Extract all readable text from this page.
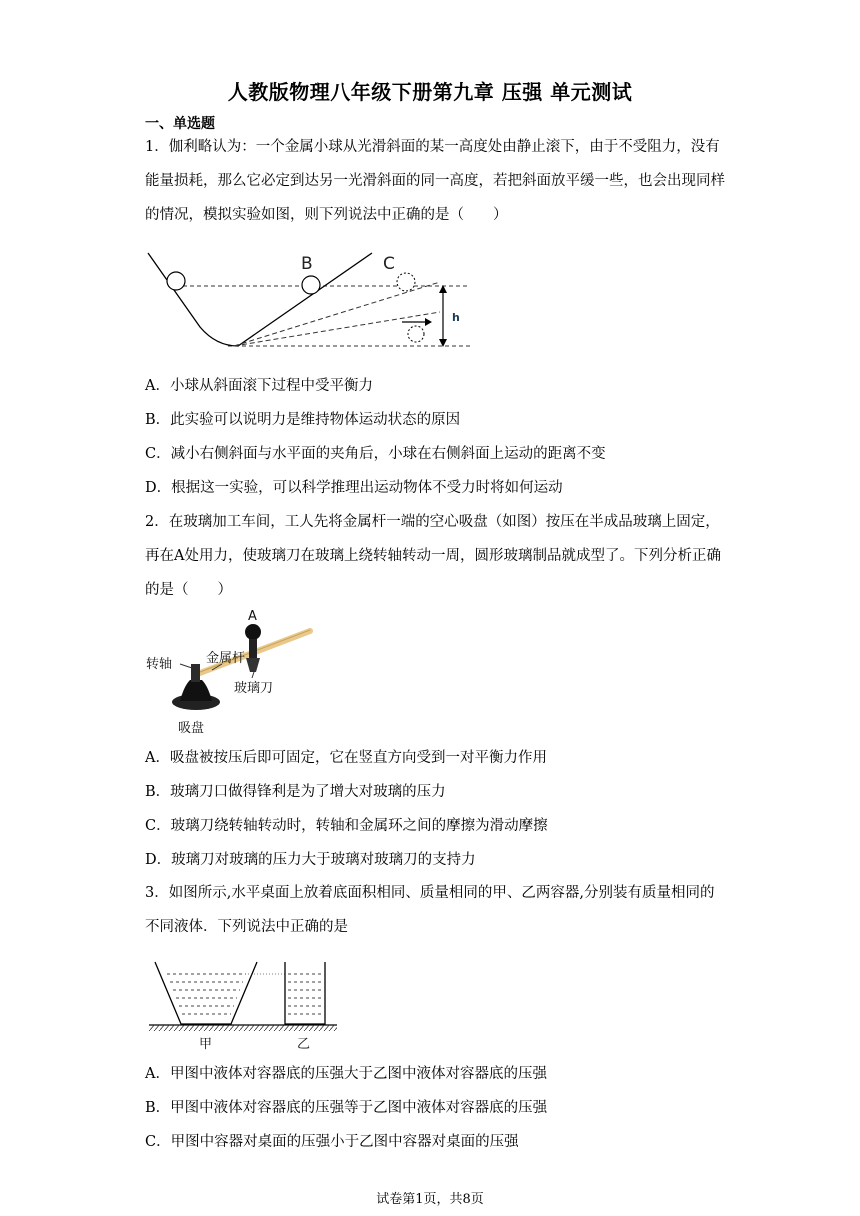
人教版物理八年级下册第九章 压强 单元测试
一、单选题
1．伽利略认为：一个金属小球从光滑斜面的某一高度处由静止滚下，由于不受阻力，没有能量损耗，那么它必定到达另一光滑斜面的同一高度，若把斜面放平缓一些，也会出现同样的情况，模拟实验如图，则下列说法中正确的是（　　）
h
B	C
A．小球从斜面滚下过程中受平衡力
B．此实验可以说明力是维持物体运动状态的原因
C．减小右侧斜面与水平面的夹角后，小球在右侧斜面上运动的距离不变
D．根据这一实验，可以科学推理出运动物体不受力时将如何运动
2．在玻璃加工车间，工人先将金属杆一端的空心吸盘（如图）按压在半成品玻璃上固定，再在A处用力，使玻璃刀在玻璃上绕转轴转动一周，圆形玻璃制品就成型了。下列分析正确的是（　　）
A
转轴	金属杆
玻璃刀
吸盘
A．吸盘被按压后即可固定，它在竖直方向受到一对平衡力作用
B．玻璃刀口做得锋利是为了增大对玻璃的压力
C．玻璃刀绕转轴转动时，转轴和金属环之间的摩擦为滑动摩擦
D．玻璃刀对玻璃的压力大于玻璃对玻璃刀的支持力
3．如图所示,水平桌面上放着底面积相同、质量相同的甲、乙两容器,分别装有质量相同的不同液体．下列说法中正确的是
甲	乙
A．甲图中液体对容器底的压强大于乙图中液体对容器底的压强
B．甲图中液体对容器底的压强等于乙图中液体对容器底的压强
C．甲图中容器对桌面的压强小于乙图中容器对桌面的压强
试卷第1页，共8页
